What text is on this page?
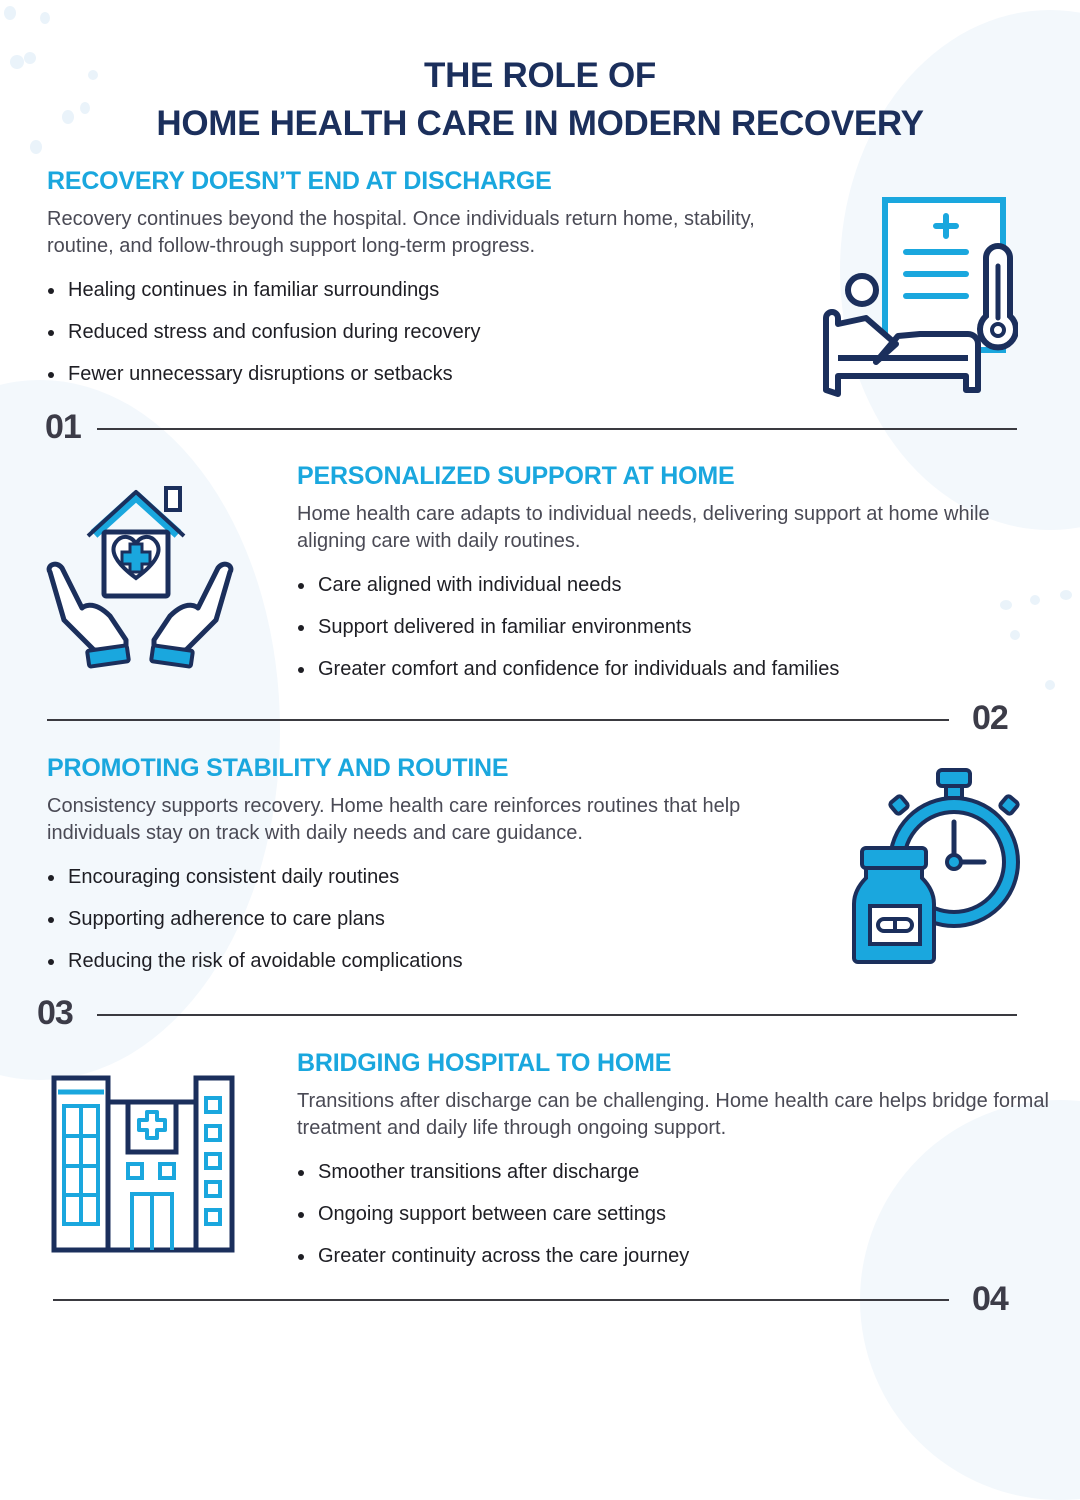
THE ROLE OF
HOME HEALTH CARE IN MODERN RECOVERY
RECOVERY DOESN’T END AT DISCHARGE

Recovery continues beyond the hospital. Once individuals return home, stability, routine, and follow-through support long-term progress.

Healing continues in familiar surroundings
Reduced stress and confusion during recovery
Fewer unnecessary disruptions or setbacks
01
PERSONALIZED SUPPORT AT HOME

Home health care adapts to individual needs, delivering support at home while aligning care with daily routines.

Care aligned with individual needs
Support delivered in familiar environments
Greater comfort and confidence for individuals and families
02
PROMOTING STABILITY AND ROUTINE

Consistency supports recovery. Home health care reinforces routines that help individuals stay on track with daily needs and care guidance.

Encouraging consistent daily routines
Supporting adherence to care plans
Reducing the risk of avoidable complications
03
BRIDGING HOSPITAL TO HOME

Transitions after discharge can be challenging. Home health care helps bridge formal treatment and daily life through ongoing support.

Smoother transitions after discharge
Ongoing support between care settings
Greater continuity across the care journey
04
